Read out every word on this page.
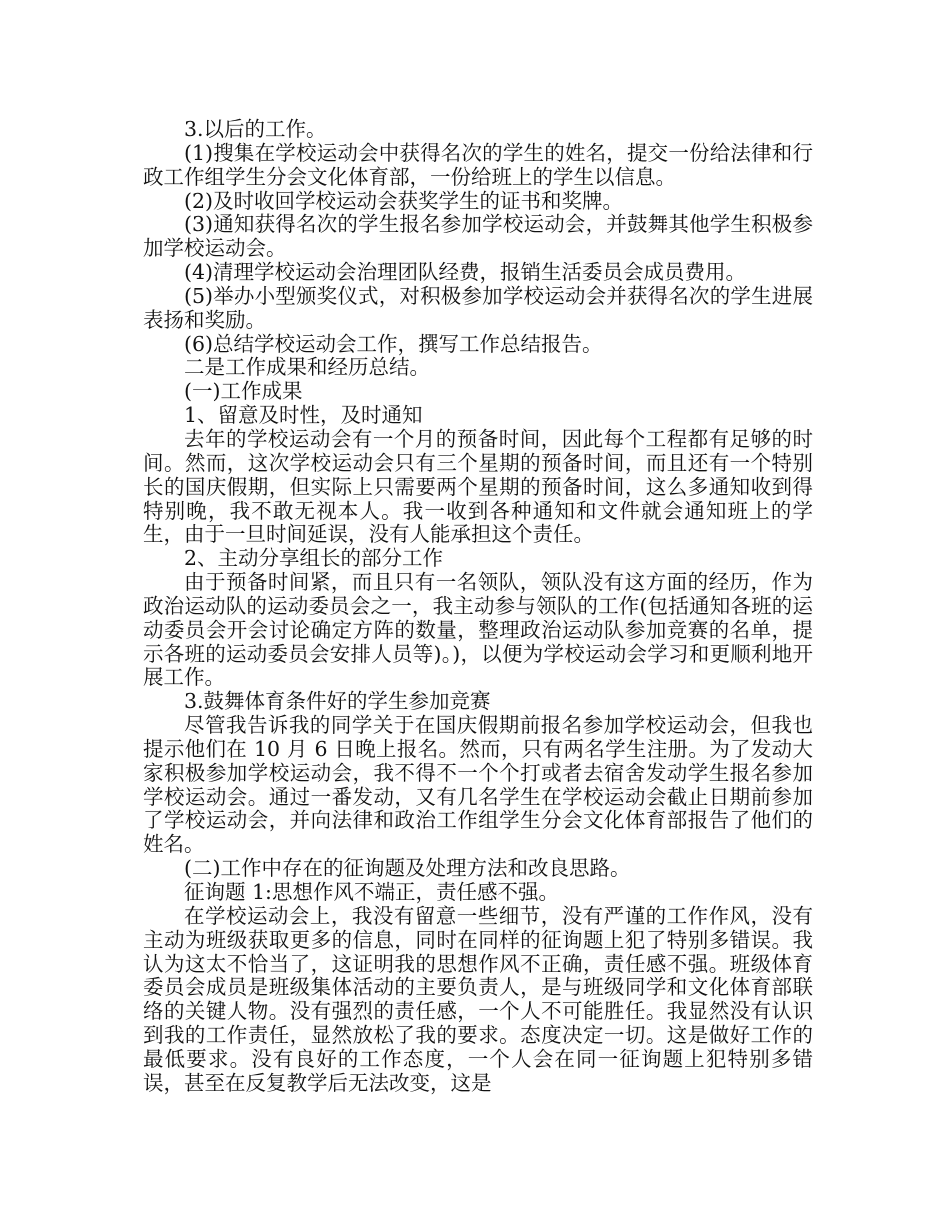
3.以后的工作。

(1)搜集在学校运动会中获得名次的学生的姓名，提交一份给法律和行政工作组学生分会文化体育部，一份给班上的学生以信息。

(2)及时收回学校运动会获奖学生的证书和奖牌。

(3)通知获得名次的学生报名参加学校运动会，并鼓舞其他学生积极参加学校运动会。

(4)清理学校运动会治理团队经费，报销生活委员会成员费用。

(5)举办小型颁奖仪式，对积极参加学校运动会并获得名次的学生进展表扬和奖励。

(6)总结学校运动会工作，撰写工作总结报告。

二是工作成果和经历总结。

(一)工作成果

1、留意及时性，及时通知

去年的学校运动会有一个月的预备时间，因此每个工程都有足够的时间。然而，这次学校运动会只有三个星期的预备时间，而且还有一个特别长的国庆假期，但实际上只需要两个星期的预备时间，这么多通知收到得特别晚，我不敢无视本人。我一收到各种通知和文件就会通知班上的学生，由于一旦时间延误，没有人能承担这个责任。

2、主动分享组长的部分工作

由于预备时间紧，而且只有一名领队，领队没有这方面的经历，作为政治运动队的运动委员会之一，我主动参与领队的工作(包括通知各班的运动委员会开会讨论确定方阵的数量，整理政治运动队参加竞赛的名单，提示各班的运动委员会安排人员等)。)，以便为学校运动会学习和更顺利地开展工作。

3.鼓舞体育条件好的学生参加竞赛

尽管我告诉我的同学关于在国庆假期前报名参加学校运动会，但我也提示他们在 10 月 6 日晚上报名。然而，只有两名学生注册。为了发动大家积极参加学校运动会，我不得不一个个打或者去宿舍发动学生报名参加学校运动会。通过一番发动，又有几名学生在学校运动会截止日期前参加了学校运动会，并向法律和政治工作组学生分会文化体育部报告了他们的姓名。

(二)工作中存在的征询题及处理方法和改良思路。

征询题 1:思想作风不端正，责任感不强。

在学校运动会上，我没有留意一些细节，没有严谨的工作作风，没有主动为班级获取更多的信息，同时在同样的征询题上犯了特别多错误。我认为这太不恰当了，这证明我的思想作风不正确，责任感不强。班级体育委员会成员是班级集体活动的主要负责人，是与班级同学和文化体育部联络的关键人物。没有强烈的责任感，一个人不可能胜任。我显然没有认识到我的工作责任，显然放松了我的要求。态度决定一切。这是做好工作的最低要求。没有良好的工作态度，一个人会在同一征询题上犯特别多错误，甚至在反复教学后无法改变，这是
